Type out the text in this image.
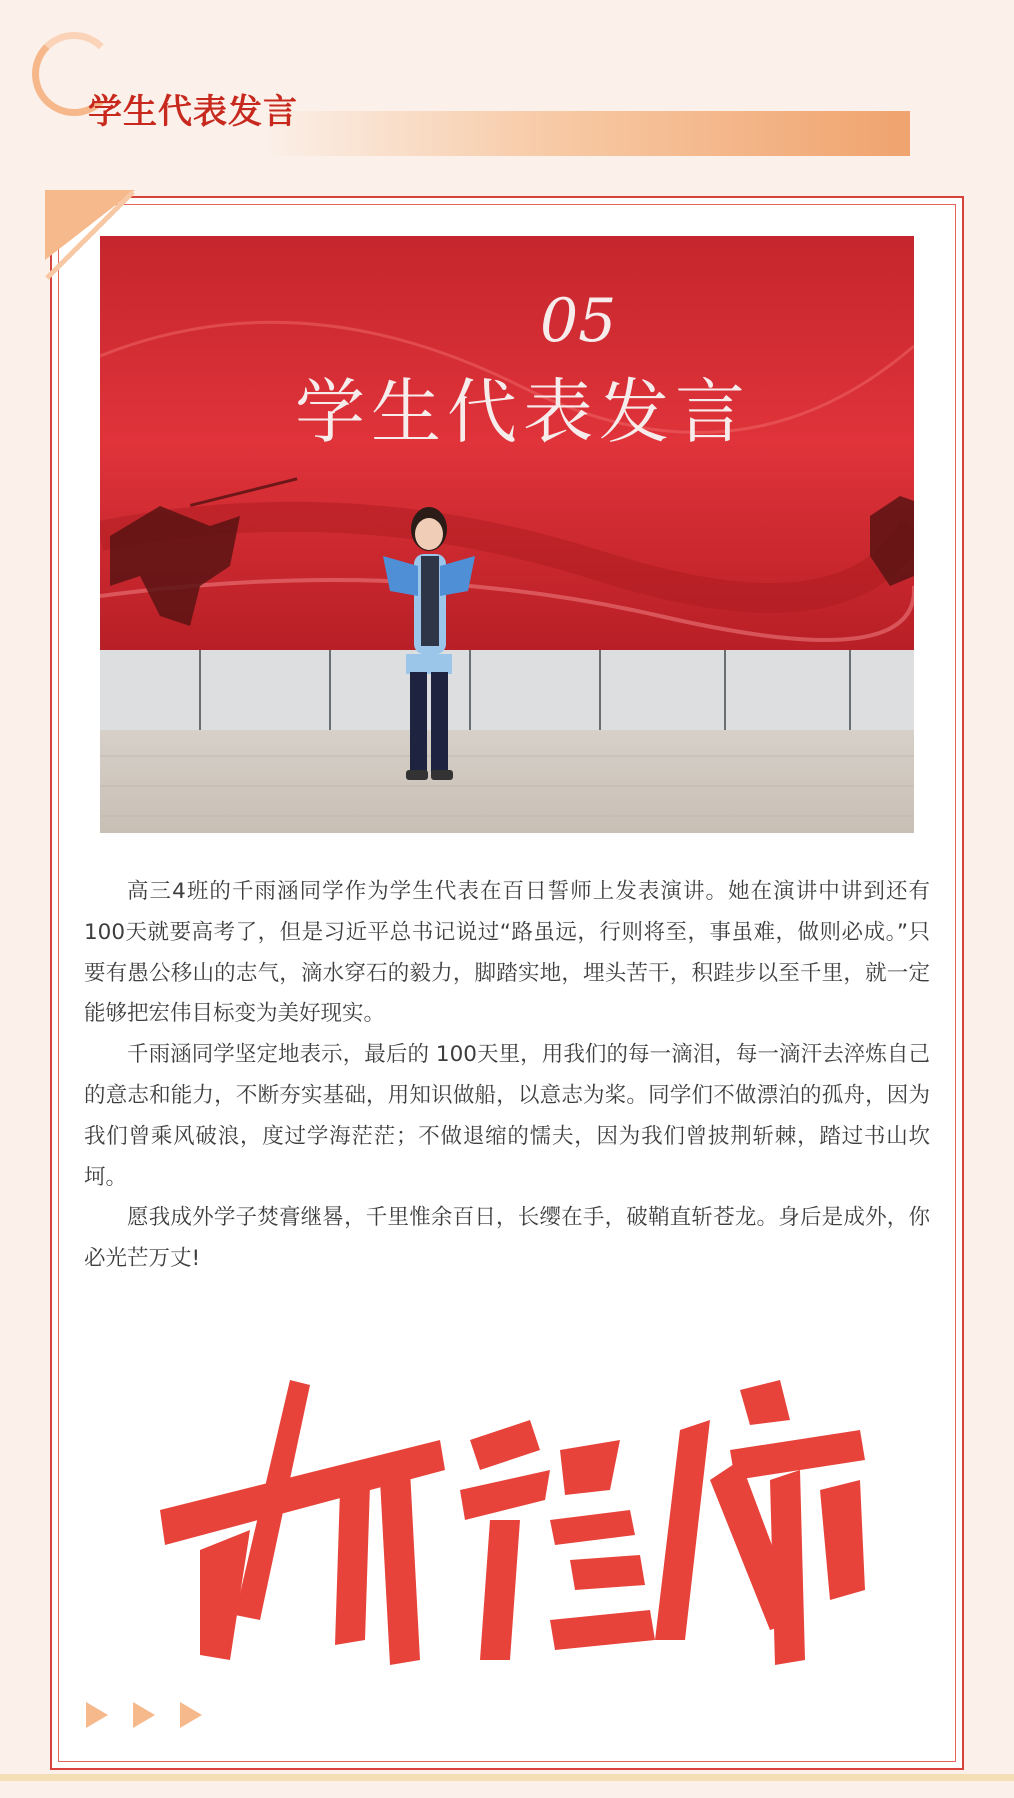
学生代表发言
05
学生代表发言

高三4班的千雨涵同学作为学生代表在百日誓师上发表演讲。她在演讲中讲到还有100天就要高考了，但是习近平总书记说过“路虽远，行则将至，事虽难，做则必成。”只要有愚公移山的志气，滴水穿石的毅力，脚踏实地，埋头苦干，积跬步以至千里，就一定能够把宏伟目标变为美好现实。

千雨涵同学坚定地表示，最后的 100天里，用我们的每一滴泪，每一滴汗去淬炼自己的意志和能力，不断夯实基础，用知识做船，以意志为桨。同学们不做漂泊的孤舟，因为我们曾乘风破浪，度过学海茫茫；不做退缩的懦夫，因为我们曾披荆斩棘，踏过书山坎坷。

愿我成外学子焚膏继晷，千里惟余百日，长缨在手，破鞘直斩苍龙。身后是成外，你必光芒万丈!

前程似锦
